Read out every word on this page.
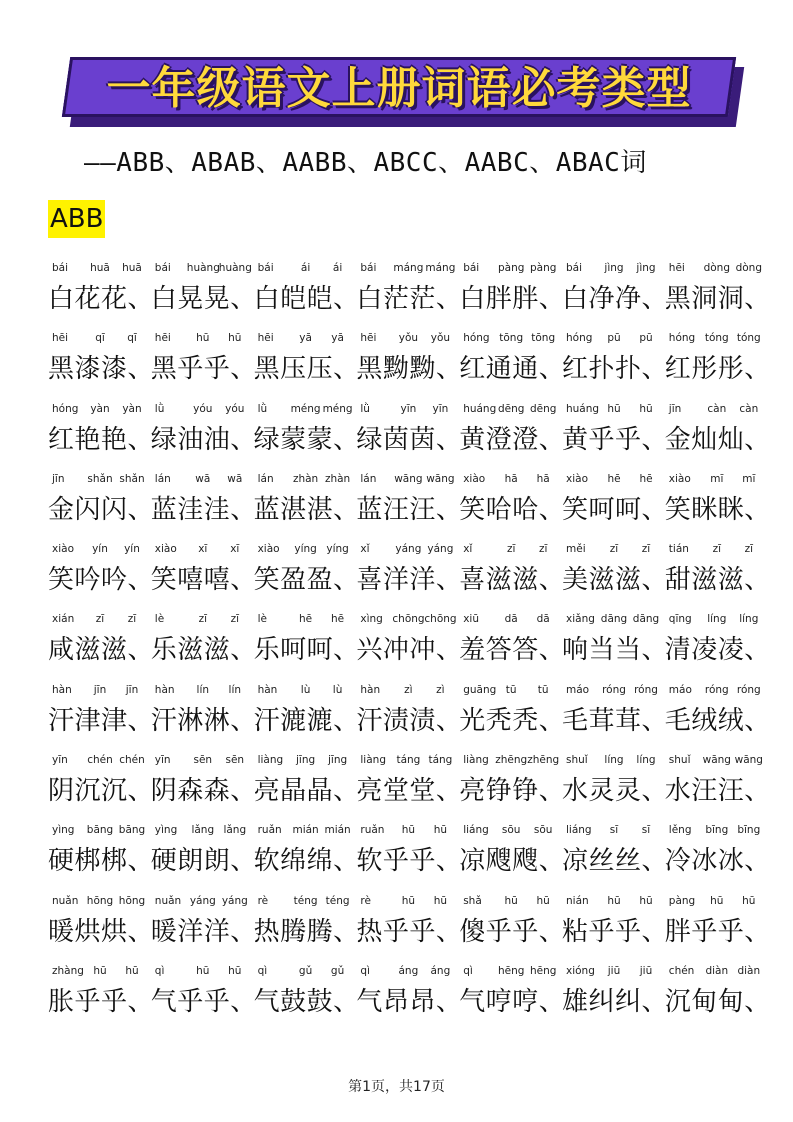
一年级语文上册词语必考类型
——ABB、ABAB、AABB、ABCC、AABC、ABAC词
ABB
bái huā huā
白花花、
bái huànghuàng
白晃晃、
bái	ái ái
白皑皑、
bái máng máng
白茫茫、
bái pàng pàng
白胖胖、
bái jìng jìng
白净净、
hēi dòng dòng
黑洞洞、
hēi	qī qī
黑漆漆、
hēi hū hū
黑乎乎、
hēi yā yā
黑压压、
hēi yǒu yǒu
黑黝黝、
hóng tōng tōng
红通通、
hóng pū pū
红扑扑、
hóng tóng tóng
红彤彤、
hóng yàn yàn
红艳艳、
lǜ	yóu yóu
绿油油、
lǜ méng méng
绿蒙蒙、
lǜ	yīn yīn
绿茵茵、
huáng dēng dēng
黄澄澄、
huáng hū hū
黄乎乎、
jīn càn càn
金灿灿、
jīn shǎn shǎn
金闪闪、
lán wā wā
蓝洼洼、
lán zhàn zhàn
蓝湛湛、
lán wāng wāng
蓝汪汪、
xiào hā hā
笑哈哈、
xiào hē hē
笑呵呵、
xiào mī mī
笑眯眯、
xiào yín yín
笑吟吟、
xiào xī xī
笑嘻嘻、
xiào yíng yíng
笑盈盈、
xǐ yáng yáng
喜洋洋、
xǐ	zī zī
喜滋滋、
měi zī zī
美滋滋、
tián zī zī
甜滋滋、
xián zī zī
咸滋滋、
lè	zī zī
乐滋滋、
lè	hē hē
乐呵呵、
xìng chōngchōng
兴冲冲、
xiū dā dā
羞答答、
xiǎng dāng dāng
响当当、
qīng líng líng
清凌凌、
hàn jīn jīn
汗津津、
hàn lín lín
汗淋淋、
hàn lù lù
汗漉漉、
hàn zì zì
汗渍渍、
guāng tū tū
光秃秃、
máo róng róng
毛茸茸、
máo róng róng
毛绒绒、
yīn chén chén
阴沉沉、
yīn sēn sēn
阴森森、
liàng jīng jīng
亮晶晶、
liàng táng táng
亮堂堂、
liàng zhēngzhēng
亮铮铮、
shuǐ líng líng
水灵灵、
shuǐ wāng wāng
水汪汪、
yìng bāng bāng
硬梆梆、
yìng lǎng lǎng
硬朗朗、
ruǎn mián mián
软绵绵、
ruǎn hū hū
软乎乎、
liáng sōu sōu
凉飕飕、
liáng sī sī
凉丝丝、
lěng bīng bīng
冷冰冰、
nuǎn hōng hōng
暖烘烘、
nuǎn yáng yáng
暖洋洋、
rè téng téng
热腾腾、
rè	hū hū
热乎乎、
shǎ hū hū
傻乎乎、
nián hū hū
粘乎乎、
pàng hū hū
胖乎乎、
zhàng hū hū
胀乎乎、
qì	hū hū
气乎乎、
qì	gǔ gǔ
气鼓鼓、
qì	áng áng
气昂昂、
qì hēng hēng
气哼哼、
xióng jiū jiū
雄纠纠、
chén diàn diàn
沉甸甸、
第1页，共17页
